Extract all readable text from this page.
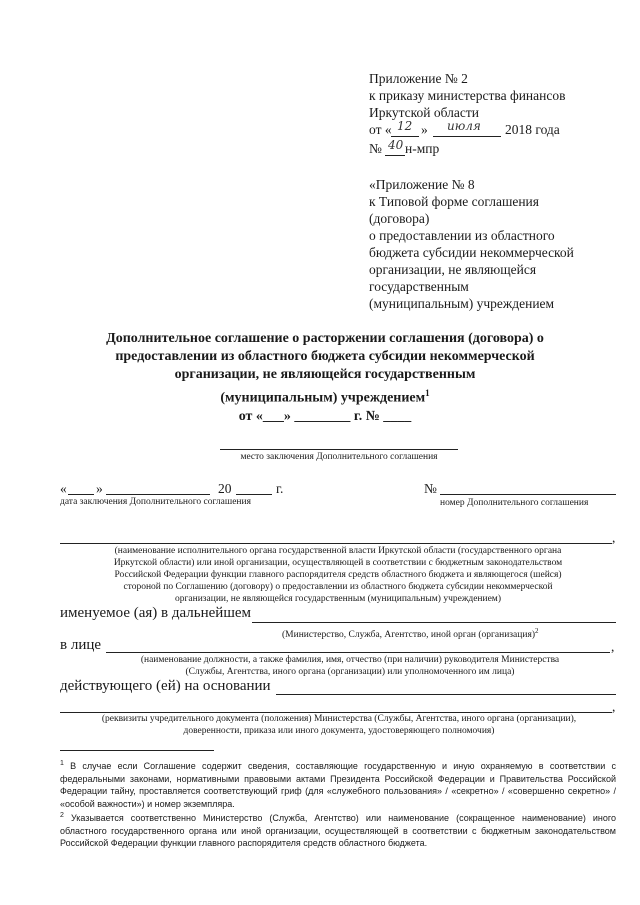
Приложение № 2
к приказу министерства финансов
Иркутской области
от « 12 » июля 2018 года
№ 40 н-мпр
«Приложение № 8
к Типовой форме соглашения
(договора)
о предоставлении из областного
бюджета субсидии некоммерческой
организации, не являющейся
государственным
(муниципальным) учреждением
Дополнительное соглашение о расторжении соглашения (договора) о
предоставлении из областного бюджета субсидии некоммерческой
организации, не являющейся государственным
(муниципальным) учреждением$^1$
от «___» ________ г. № ____
место заключения Дополнительного соглашения
« »	20	г.
дата заключения Дополнительного соглашения
№
номер Дополнительного соглашения
,
(наименование исполнительного органа государственной власти Иркутской области (государственного органа
Иркутской области) или иной организации, осуществляющей в соответствии с бюджетным законодательством
Российской Федерации функции главного распорядителя средств областного бюджета и являющегося (шейся)
стороной по Соглашению (договору) о предоставлении из областного бюджета субсидии некоммерческой
организации, не являющейся государственным (муниципальным) учреждением)
именуемое (ая) в дальнейшем
(Министерство, Служба, Агентство, иной орган (организация)$^2$
в лице	,
(наименование должности, а также фамилия, имя, отчество (при наличии) руководителя Министерства
(Службы, Агентства, иного органа (организации) или уполномоченного им лица)
действующего (ей) на основании
,
(реквизиты учредительного документа (положения) Министерства (Службы, Агентства, иного органа (организации),
доверенности, приказа или иного документа, удостоверяющего полномочия)
$^1$ В случае если Соглашение содержит сведения, составляющие государственную и иную охраняемую в соответствии с федеральными законами, нормативными правовыми актами Президента Российской Федерации и Правительства Российской Федерации тайну, проставляется соответствующий гриф (для «служебного пользования» / «секретно» / «совершенно секретно» / «особой важности») и номер экземпляра.
$^2$ Указывается соответственно Министерство (Служба, Агентство) или наименование (сокращенное наименование) иного областного государственного органа или иной организации, осуществляющей в соответствии с бюджетным законодательством Российской Федерации функции главного распорядителя средств областного бюджета.
